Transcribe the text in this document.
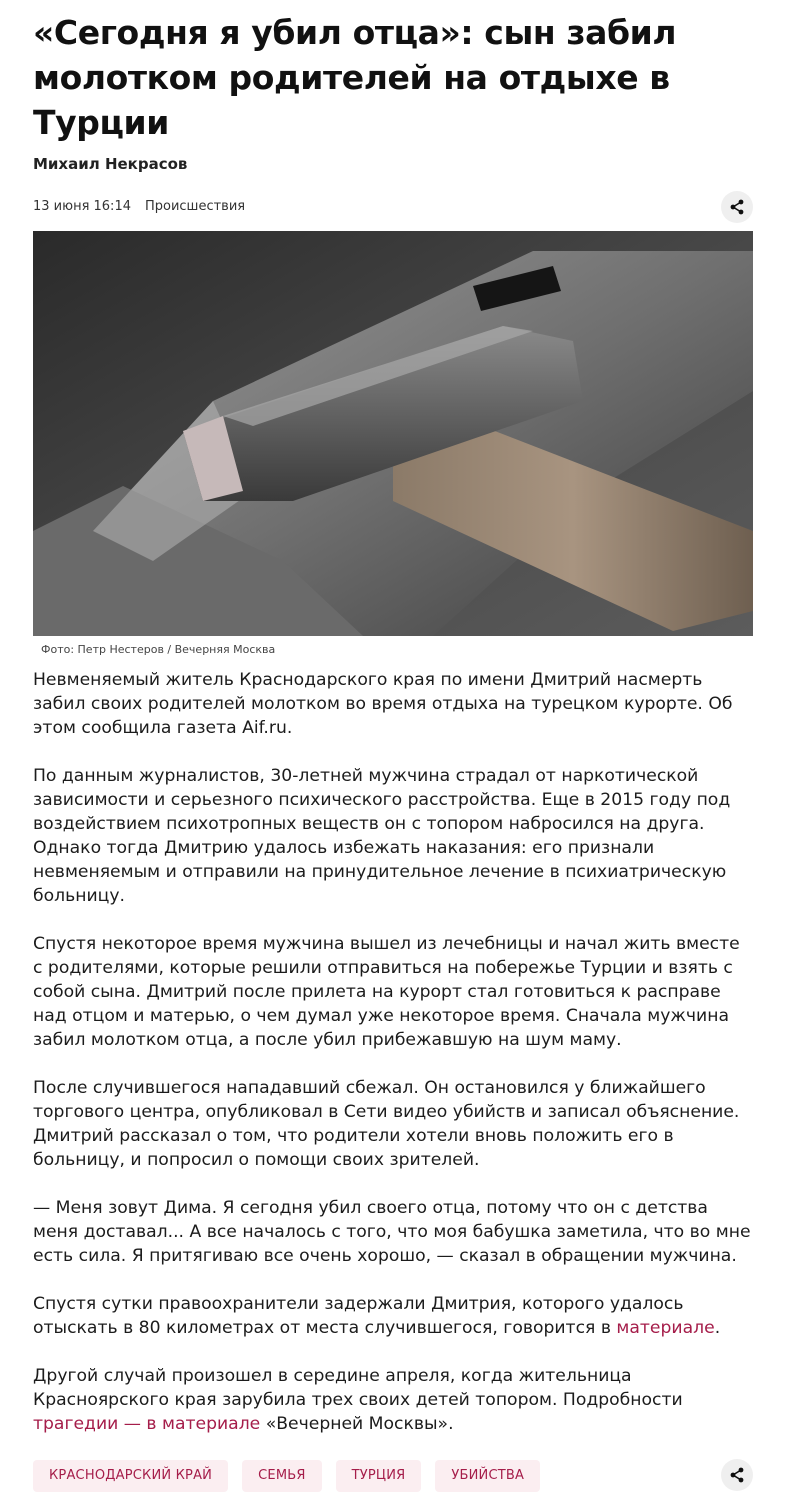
«Сегодня я убил отца»: сын забил молотком родителей на отдыхе в Турции
Михаил Некрасов
13 июня 16:14 Происшествия
Фото: Петр Нестеров / Вечерняя Москва

Невменяемый житель Краснодарского края по имени Дмитрий насмерть забил своих родителей молотком во время отдыха на турецком курорте. Об этом сообщила газета Aif.ru.

По данным журналистов, 30-летней мужчина страдал от наркотической зависимости и серьезного психического расстройства. Еще в 2015 году под воздействием психотропных веществ он с топором набросился на друга. Однако тогда Дмитрию удалось избежать наказания: его признали невменяемым и отправили на принудительное лечение в психиатрическую больницу.

Спустя некоторое время мужчина вышел из лечебницы и начал жить вместе с родителями, которые решили отправиться на побережье Турции и взять с собой сына. Дмитрий после прилета на курорт стал готовиться к расправе над отцом и матерью, о чем думал уже некоторое время. Сначала мужчина забил молотком отца, а после убил прибежавшую на шум маму.

После случившегося нападавший сбежал. Он остановился у ближайшего торгового центра, опубликовал в Сети видео убийств и записал объяснение. Дмитрий рассказал о том, что родители хотели вновь положить его в больницу, и попросил о помощи своих зрителей.

— Меня зовут Дима. Я сегодня убил своего отца, потому что он с детства меня доставал... А все началось с того, что моя бабушка заметила, что во мне есть сила. Я притягиваю все очень хорошо, — сказал в обращении мужчина.

Спустя сутки правоохранители задержали Дмитрия, которого удалось отыскать в 80 километрах от места случившегося, говорится в материале.

Другой случай произошел в середине апреля, когда жительница Красноярского края зарубила трех своих детей топором. Подробности трагедии — в материале «Вечерней Москвы».

КРАСНОДАРСКИЙ КРАЙ	СЕМЬЯ	ТУРЦИЯ	УБИЙСТВА
